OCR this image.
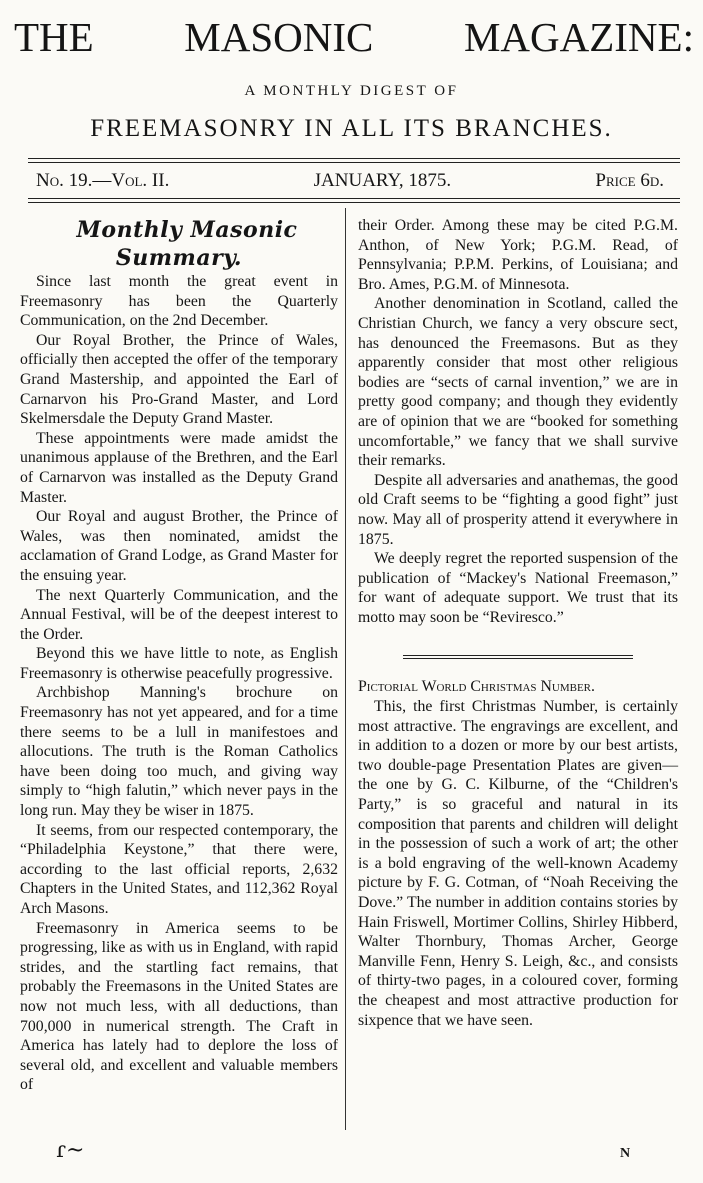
THE MASONIC MAGAZINE:
A MONTHLY DIGEST OF
FREEMASONRY IN ALL ITS BRANCHES.
No. 19.—Vol. II.	JANUARY, 1875.	Price 6d.

Monthly Masonic Summary.

Since last month the great event in Freemasonry has been the Quarterly Communication, on the 2nd December.

Our Royal Brother, the Prince of Wales, officially then accepted the offer of the temporary Grand Mastership, and appointed the Earl of Carnarvon his Pro-Grand Master, and Lord Skelmersdale the Deputy Grand Master.

These appointments were made amidst the unanimous applause of the Brethren, and the Earl of Carnarvon was installed as the Deputy Grand Master.

Our Royal and august Brother, the Prince of Wales, was then nominated, amidst the acclamation of Grand Lodge, as Grand Master for the ensuing year.

The next Quarterly Communication, and the Annual Festival, will be of the deepest interest to the Order.

Beyond this we have little to note, as English Freemasonry is otherwise peacefully progressive.

Archbishop Manning's brochure on Freemasonry has not yet appeared, and for a time there seems to be a lull in manifestoes and allocutions. The truth is the Roman Catholics have been doing too much, and giving way simply to “high falutin,” which never pays in the long run. May they be wiser in 1875.

It seems, from our respected contemporary, the “Philadelphia Keystone,” that there were, according to the last official reports, 2,632 Chapters in the United States, and 112,362 Royal Arch Masons.

Freemasonry in America seems to be progressing, like as with us in England, with rapid strides, and the startling fact remains, that probably the Freemasons in the United States are now not much less, with all deductions, than 700,000 in numerical strength. The Craft in America has lately had to deplore the loss of several old, and excellent and valuable members of

their Order. Among these may be cited P.G.M. Anthon, of New York; P.G.M. Read, of Pennsylvania; P.P.M. Perkins, of Louisiana; and Bro. Ames, P.G.M. of Minnesota.

Another denomination in Scotland, called the Christian Church, we fancy a very obscure sect, has denounced the Freemasons. But as they apparently consider that most other religious bodies are “sects of carnal invention,” we are in pretty good company; and though they evidently are of opinion that we are “booked for something uncomfortable,” we fancy that we shall survive their remarks.

Despite all adversaries and anathemas, the good old Craft seems to be “fighting a good fight” just now. May all of prosperity attend it everywhere in 1875.

We deeply regret the reported suspension of the publication of “Mackey's National Freemason,” for want of adequate support. We trust that its motto may soon be “Reviresco.”

Pictorial World Christmas Number.

This, the first Christmas Number, is certainly most attractive. The engravings are excellent, and in addition to a dozen or more by our best artists, two double-page Presentation Plates are given—the one by G. C. Kilburne, of the “Children's Party,” is so graceful and natural in its composition that parents and children will delight in the possession of such a work of art; the other is a bold engraving of the well-known Academy picture by F. G. Cotman, of “Noah Receiving the Dove.” The number in addition contains stories by Hain Friswell, Mortimer Collins, Shirley Hibberd, Walter Thornbury, Thomas Archer, George Manville Fenn, Henry S. Leigh, &c., and consists of thirty-two pages, in a coloured cover, forming the cheapest and most attractive production for sixpence that we have seen.

ɾ~	N
